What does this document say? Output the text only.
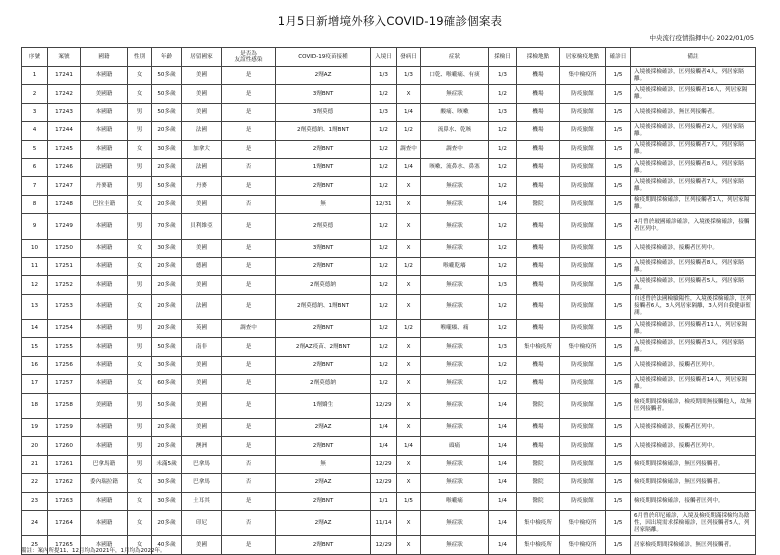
1月5日新增境外移入COVID-19確診個案表
中央流行疫情指揮中心 2022/01/05
序號	案號	國籍	性別	年齡	居留國家	是否為
友誼性感染	COVID-19疫苗接種	入境日	發病日	症狀	採檢日	採檢地點	居家檢疫地點	確診日	備註
1	17241	本國籍	女	50多歲	美國	是	2劑AZ	1/3	1/3	口乾、喉嚨痛、有痰	1/3	機場	集中檢疫所	1/5	入境後採檢確診，匡列接觸者4人，列居家隔離。
2	17242	美國籍	女	50多歲	美國	是	3劑BNT	1/2	X	無症狀	1/2	機場	防疫旅館	1/5	入境後採檢確診，匡列接觸者16人，列居家隔離。
3	17243	本國籍	男	50多歲	美國	是	3劑莫德	1/3	1/4	酸痛、咳嗽	1/3	機場	防疫旅館	1/5	入境後採檢確診，無匡列接觸者。
4	17244	本國籍	男	20多歲	法國	是	2劑莫德納、1劑BNT	1/2	1/2	流鼻水、乾咳	1/2	機場	防疫旅館	1/5	入境後採檢確診，匡列接觸者2人，列居家隔離。
5	17245	本國籍	女	30多歲	加拿大	是	2劑BNT	1/2	調查中	調查中	1/2	機場	防疫旅館	1/5	入境後採檢確診，匡列接觸者7人，列居家隔離。
6	17246	法國籍	男	20多歲	法國	否	1劑BNT	1/2	1/4	咳嗽、流鼻水、鼻塞	1/2	機場	防疫旅館	1/5	入境後採檢確診，匡列接觸者8人，列居家隔離。
7	17247	丹麥籍	男	50多歲	丹麥	是	2劑BNT	1/2	X	無症狀	1/2	機場	防疫旅館	1/5	入境後採檢確診，匡列接觸者7人，列居家隔離。
8	17248	巴拉圭籍	女	20多歲	美國	否	無	12/31	X	無症狀	1/4	醫院	防疫旅館	1/5	檢疫期間採檢確診，匡列接觸者1人，列居家隔離。
9	17249	本國籍	男	70多歲	貝利維亞	是	2劑莫德	1/2	X	無症狀	1/2	機場	防疫旅館	1/5	4月曾於玻國確診確診，入境後採檢確診，接觸者匡列中。
10	17250	本國籍	女	30多歲	美國	是	3劑BNT	1/2	X	無症狀	1/2	機場	防疫旅館	1/5	入境後採檢確診，接觸者匡列中。
11	17251	本國籍	女	20多歲	德國	是	2劑BNT	1/2	1/2	喉嚨乾癢	1/2	機場	防疫旅館	1/5	入境後採檢確診，匡列接觸者8人，列居家隔離。
12	17252	本國籍	男	20多歲	美國	是	2劑莫德納	1/2	X	無症狀	1/3	機場	防疫旅館	1/5	入境後採檢確診，匡列接觸者5人，列居家隔離。
13	17253	本國籍	女	20多歲	法國	是	2劑莫德納、1劑BNT	1/2	X	無症狀	1/2	機場	防疫旅館	1/5	自述曾於法國檢驗陽性，入境後採檢確診，匡列接觸者6人，3人列居家隔離，3人列自我健康監測。
14	17254	本國籍	男	20多歲	英國	調查中	2劑BNT	1/2	1/2	喉嚨癢、痛	1/2	機場	防疫旅館	1/5	入境後採檢確診，匡列接觸者11人，列居家隔離。
15	17255	本國籍	男	50多歲	南非	是	2劑AZ疫苗、2劑BNT	1/2	X	無症狀	1/3	集中檢疫所	集中檢疫所	1/5	入境後採檢確診，匡列接觸者3人，列居家隔離。
16	17256	本國籍	女	30多歲	美國	是	2劑BNT	1/2	X	無症狀	1/2	機場	防疫旅館	1/5	入境後採檢確診，接觸者匡列中。
17	17257	本國籍	女	60多歲	美國	是	2劑莫德納	1/2	X	無症狀	1/2	機場	防疫旅館	1/5	入境後採檢確診，匡列接觸者14人，列居家隔離。
18	17258	美國籍	男	50多歲	美國	是	1劑嬌生	12/29	X	無症狀	1/4	醫院	防疫旅館	1/5	檢疫期間採檢確診，檢疫期間無接觸他人，故無匡列接觸者。
19	17259	本國籍	男	20多歲	美國	是	2劑AZ	1/4	X	無症狀	1/4	機場	防疫旅館	1/5	入境後採檢確診，接觸者匡列中。
20	17260	本國籍	男	20多歲	澳洲	是	2劑BNT	1/4	1/4	頭痛	1/4	機場	防疫旅館	1/5	入境後採檢確診，接觸者匡列中。
21	17261	巴拿馬籍	男	未滿5歲	巴拿馬	否	無	12/29	X	無症狀	1/4	醫院	防疫旅館	1/5	檢疫期間採檢確診，無匡列接觸者。
22	17262	委內瑞拉籍	女	30多歲	巴拿馬	否	2劑AZ	12/29	X	無症狀	1/4	醫院	防疫旅館	1/5	檢疫期間採檢確診，無匡列接觸者。
23	17263	本國籍	女	30多歲	土耳其	是	2劑BNT	1/1	1/5	喉嚨痛	1/4	醫院	防疫旅館	1/5	檢疫期間採檢確診，接觸者匡列中。
24	17264	本國籍	女	20多歲	印尼	否	2劑AZ	11/14	X	無症狀	1/4	集中檢疫所	集中檢疫所	1/5	6月曾於印尼確診，入境及檢疫期滿採檢均為陰性，因出境需求採檢確診，匡列接觸者5人，列居家隔離。
25	17265	本國籍	女	40多歲	美國	是	2劑BNT	12/29	X	無症狀	1/4	集中檢疫所	集中檢疫所	1/5	居家檢疫期間採檢確診，無匡列接觸者。
備註：案內所提11、12月均為2021年，1月均為2022年。
